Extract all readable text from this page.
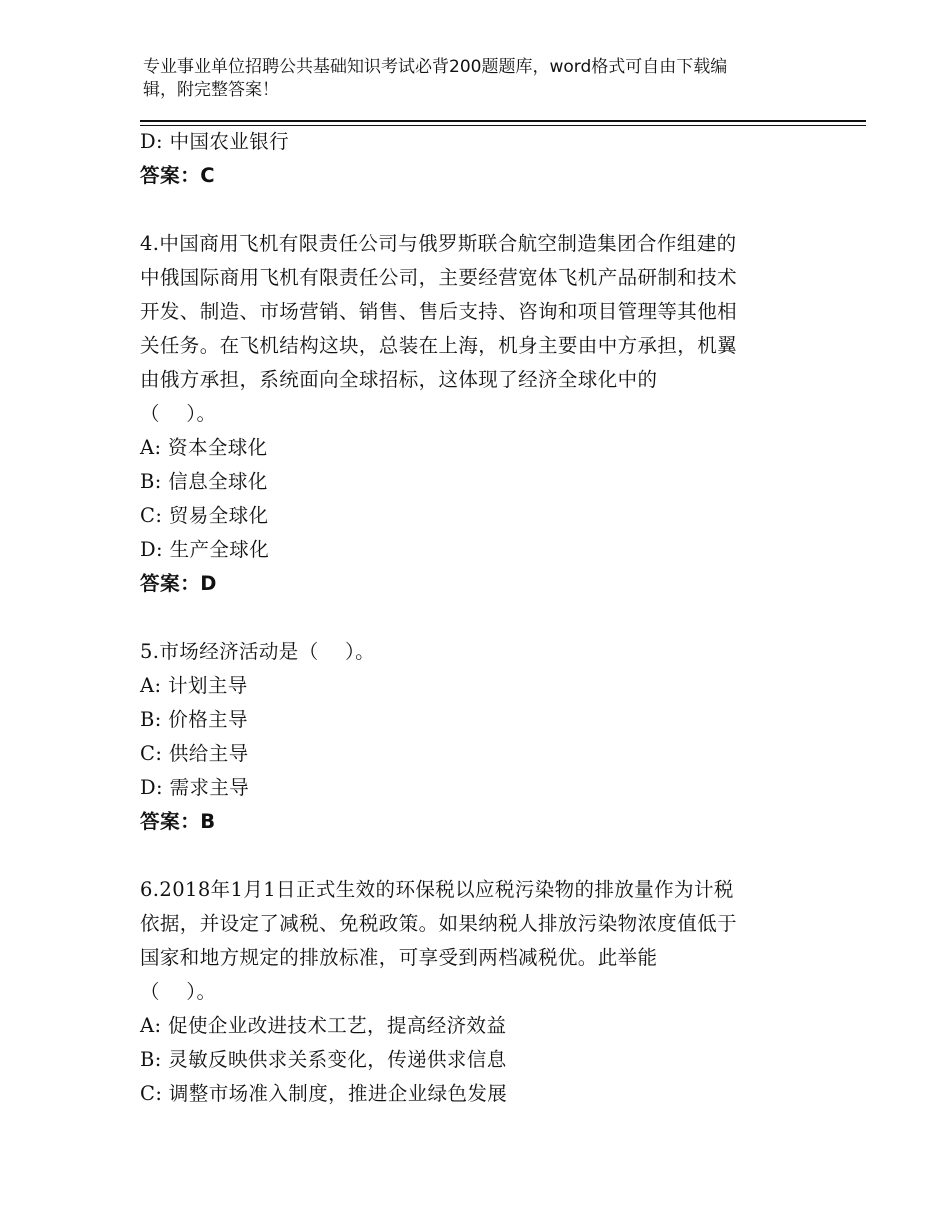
专业事业单位招聘公共基础知识考试必背200题题库，word格式可自由下载编
辑，附完整答案！
D: 中国农业银行
答案：C
4.中国商用飞机有限责任公司与俄罗斯联合航空制造集团合作组建的
中俄国际商用飞机有限责任公司，主要经营宽体飞机产品研制和技术
开发、制造、市场营销、销售、售后支持、咨询和项目管理等其他相
关任务。在飞机结构这块，总装在上海，机身主要由中方承担，机翼
由俄方承担，系统面向全球招标，这体现了经济全球化中的
（    ）。
A: 资本全球化
B: 信息全球化
C: 贸易全球化
D: 生产全球化
答案：D
5.市场经济活动是（    ）。
A: 计划主导
B: 价格主导
C: 供给主导
D: 需求主导
答案：B
6.2018年1月1日正式生效的环保税以应税污染物的排放量作为计税
依据，并设定了减税、免税政策。如果纳税人排放污染物浓度值低于
国家和地方规定的排放标准，可享受到两档减税优。此举能
（    ）。
A: 促使企业改进技术工艺，提高经济效益
B: 灵敏反映供求关系变化，传递供求信息
C: 调整市场准入制度，推进企业绿色发展
